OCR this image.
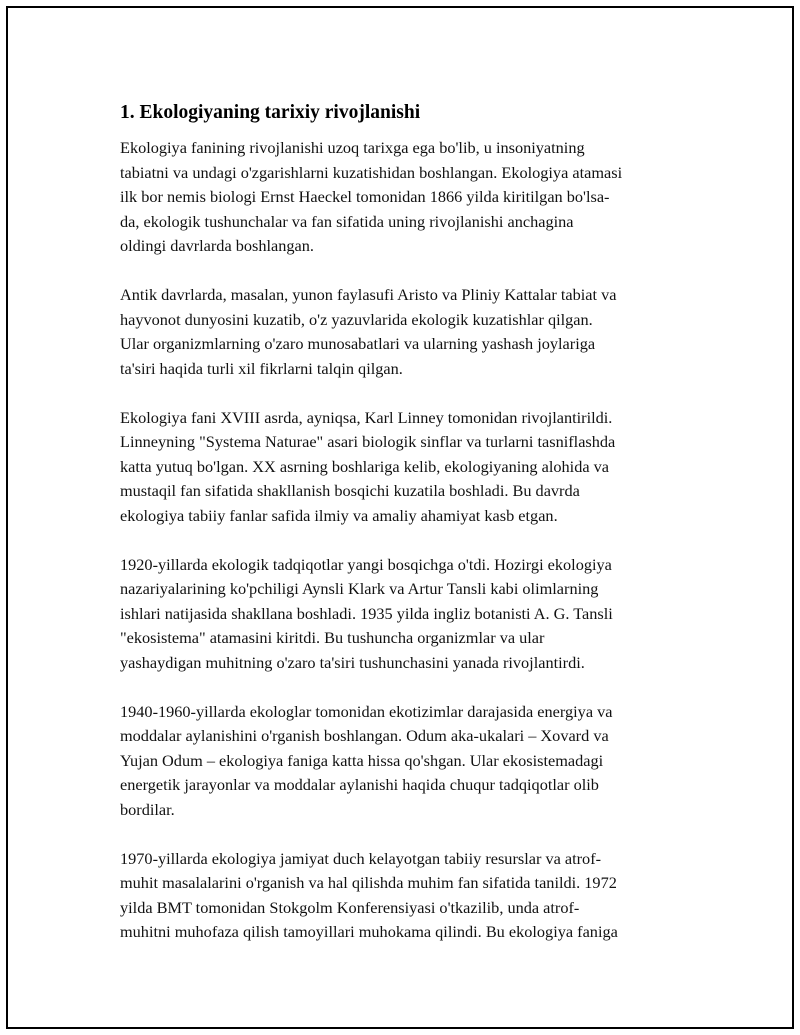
1. Ekologiyaning tarixiy rivojlanishi
Ekologiya fanining rivojlanishi uzoq tarixga ega bo'lib, u insoniyatning
tabiatni va undagi o'zgarishlarni kuzatishidan boshlangan. Ekologiya atamasi
ilk bor nemis biologi Ernst Haeckel tomonidan 1866 yilda kiritilgan bo'lsa-
da, ekologik tushunchalar va fan sifatida uning rivojlanishi anchagina
oldingi davrlarda boshlangan.
Antik davrlarda, masalan, yunon faylasufi Aristo va Pliniy Kattalar tabiat va
hayvonot dunyosini kuzatib, o'z yazuvlarida ekologik kuzatishlar qilgan.
Ular organizmlarning o'zaro munosabatlari va ularning yashash joylariga
ta'siri haqida turli xil fikrlarni talqin qilgan.
Ekologiya fani XVIII asrda, ayniqsa, Karl Linney tomonidan rivojlantirildi.
Linneyning "Systema Naturae" asari biologik sinflar va turlarni tasniflashda
katta yutuq bo'lgan. XX asrning boshlariga kelib, ekologiyaning alohida va
mustaqil fan sifatida shakllanish bosqichi kuzatila boshladi. Bu davrda
ekologiya tabiiy fanlar safida ilmiy va amaliy ahamiyat kasb etgan.
1920-yillarda ekologik tadqiqotlar yangi bosqichga o'tdi. Hozirgi ekologiya
nazariyalarining ko'pchiligi Aynsli Klark va Artur Tansli kabi olimlarning
ishlari natijasida shakllana boshladi. 1935 yilda ingliz botanisti A. G. Tansli
"ekosistema" atamasini kiritdi. Bu tushuncha organizmlar va ular
yashaydigan muhitning o'zaro ta'siri tushunchasini yanada rivojlantirdi.
1940-1960-yillarda ekologlar tomonidan ekotizimlar darajasida energiya va
moddalar aylanishini o'rganish boshlangan. Odum aka-ukalari – Xovard va
Yujan Odum – ekologiya faniga katta hissa qo'shgan. Ular ekosistemadagi
energetik jarayonlar va moddalar aylanishi haqida chuqur tadqiqotlar olib
bordilar.
1970-yillarda ekologiya jamiyat duch kelayotgan tabiiy resurslar va atrof-
muhit masalalarini o'rganish va hal qilishda muhim fan sifatida tanildi. 1972
yilda BMT tomonidan Stokgolm Konferensiyasi o'tkazilib, unda atrof-
muhitni muhofaza qilish tamoyillari muhokama qilindi. Bu ekologiya faniga
